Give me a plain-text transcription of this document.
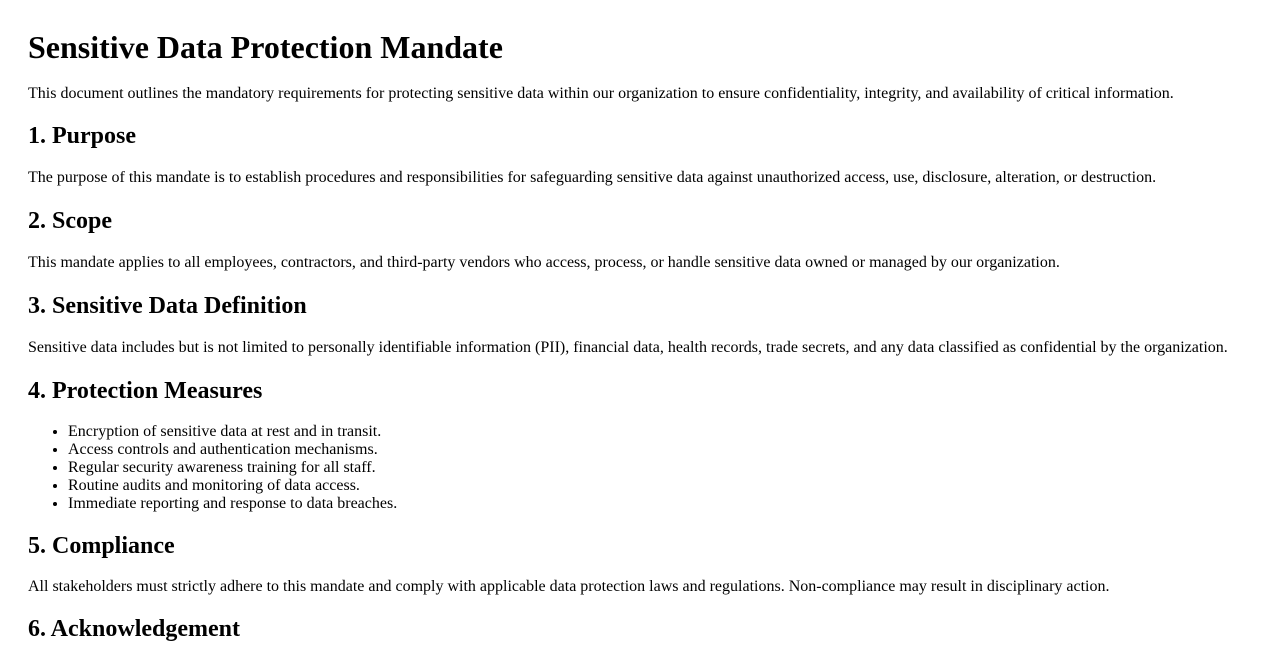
Sensitive Data Protection Mandate

This document outlines the mandatory requirements for protecting sensitive data within our organization to ensure confidentiality, integrity, and availability of critical information.

1. Purpose

The purpose of this mandate is to establish procedures and responsibilities for safeguarding sensitive data against unauthorized access, use, disclosure, alteration, or destruction.

2. Scope

This mandate applies to all employees, contractors, and third-party vendors who access, process, or handle sensitive data owned or managed by our organization.

3. Sensitive Data Definition

Sensitive data includes but is not limited to personally identifiable information (PII), financial data, health records, trade secrets, and any data classified as confidential by the organization.

4. Protection Measures
• Encryption of sensitive data at rest and in transit.
• Access controls and authentication mechanisms.
• Regular security awareness training for all staff.
• Routine audits and monitoring of data access.
• Immediate reporting and response to data breaches.
5. Compliance

All stakeholders must strictly adhere to this mandate and comply with applicable data protection laws and regulations. Non-compliance may result in disciplinary action.

6. Acknowledgement
